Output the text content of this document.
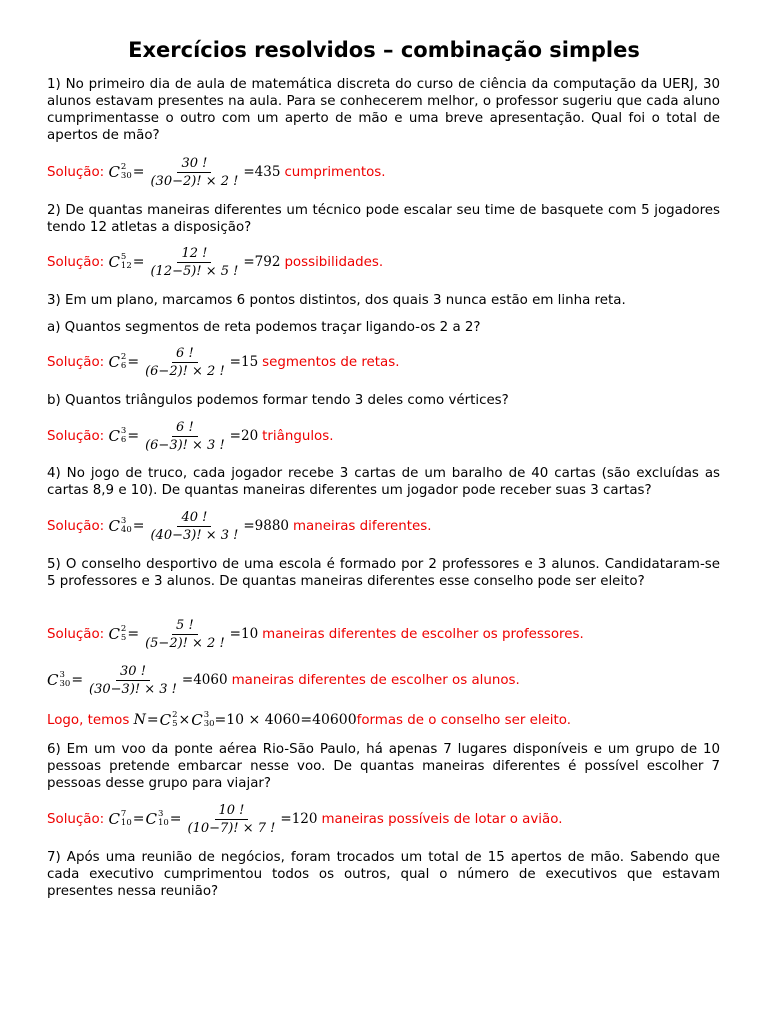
Exercícios resolvidos – combinação simples
1) No primeiro dia de aula de matemática discreta do curso de ciência da computação da UERJ, 30 alunos estavam presentes na aula. Para se conhecerem melhor, o professor sugeriu que cada aluno cumprimentasse o outro com um aperto de mão e uma breve apresentação. Qual foi o total de apertos de mão?
Solução:
C 2
$30 = \frac{30 !}{(30-2)! \times 2 !} =435$ cumprimentos.
2) De quantas maneiras diferentes um técnico pode escalar seu time de basquete com 5 jogadores tendo 12 atletas a disposição?
Solução:
C 5
$12 = \frac{12 !}{(12-5)! \times 5 !} =792$ possibilidades.
3) Em um plano, marcamos 6 pontos distintos, dos quais 3 nunca estão em linha reta.
a) Quantos segmentos de reta podemos traçar ligando-os 2 a 2?
Solução:
C 2
$6 = \frac{6 !}{(6-2)! \times 2 !} =15$ segmentos de retas.
b) Quantos triângulos podemos formar tendo 3 deles como vértices?
Solução:
C 3
$6 = \frac{6 !}{(6-3)! \times 3 !} =20$ triângulos.
4) No jogo de truco, cada jogador recebe 3 cartas de um baralho de 40 cartas (são excluídas as cartas 8,9 e 10). De quantas maneiras diferentes um jogador pode receber suas 3 cartas?
Solução:
C 3
$40 = \frac{40 !}{(40-3)! \times 3 !} =9880$ maneiras diferentes.
5) O conselho desportivo de uma escola é formado por 2 professores e 3 alunos. Candidataram-se 5 professores e 3 alunos. De quantas maneiras diferentes esse conselho pode ser eleito?
Solução:
C 2
$5 = \frac{5 !}{(5-2)! \times 2 !} =10$ maneiras diferentes de escolher os professores.
C 3
$30 = \frac{30 !}{(30-3)! \times 3 !} =4060$ maneiras diferentes de escolher os alunos.
Logo, temos
N = C 2
5 × C 3
30 =10 × 4060=40600 formas de o conselho ser eleito.
6) Em um voo da ponte aérea Rio-São Paulo, há apenas 7 lugares disponíveis e um grupo de 10 pessoas pretende embarcar nesse voo. De quantas maneiras diferentes é possível escolher 7 pessoas desse grupo para viajar?
Solução:
C 7
10 = C 3
$10 = \frac{10 !}{(10-7)! \times 7 !} =120$ maneiras possíveis de lotar o avião.
7) Após uma reunião de negócios, foram trocados um total de 15 apertos de mão. Sabendo que cada executivo cumprimentou todos os outros, qual o número de executivos que estavam presentes nessa reunião?
